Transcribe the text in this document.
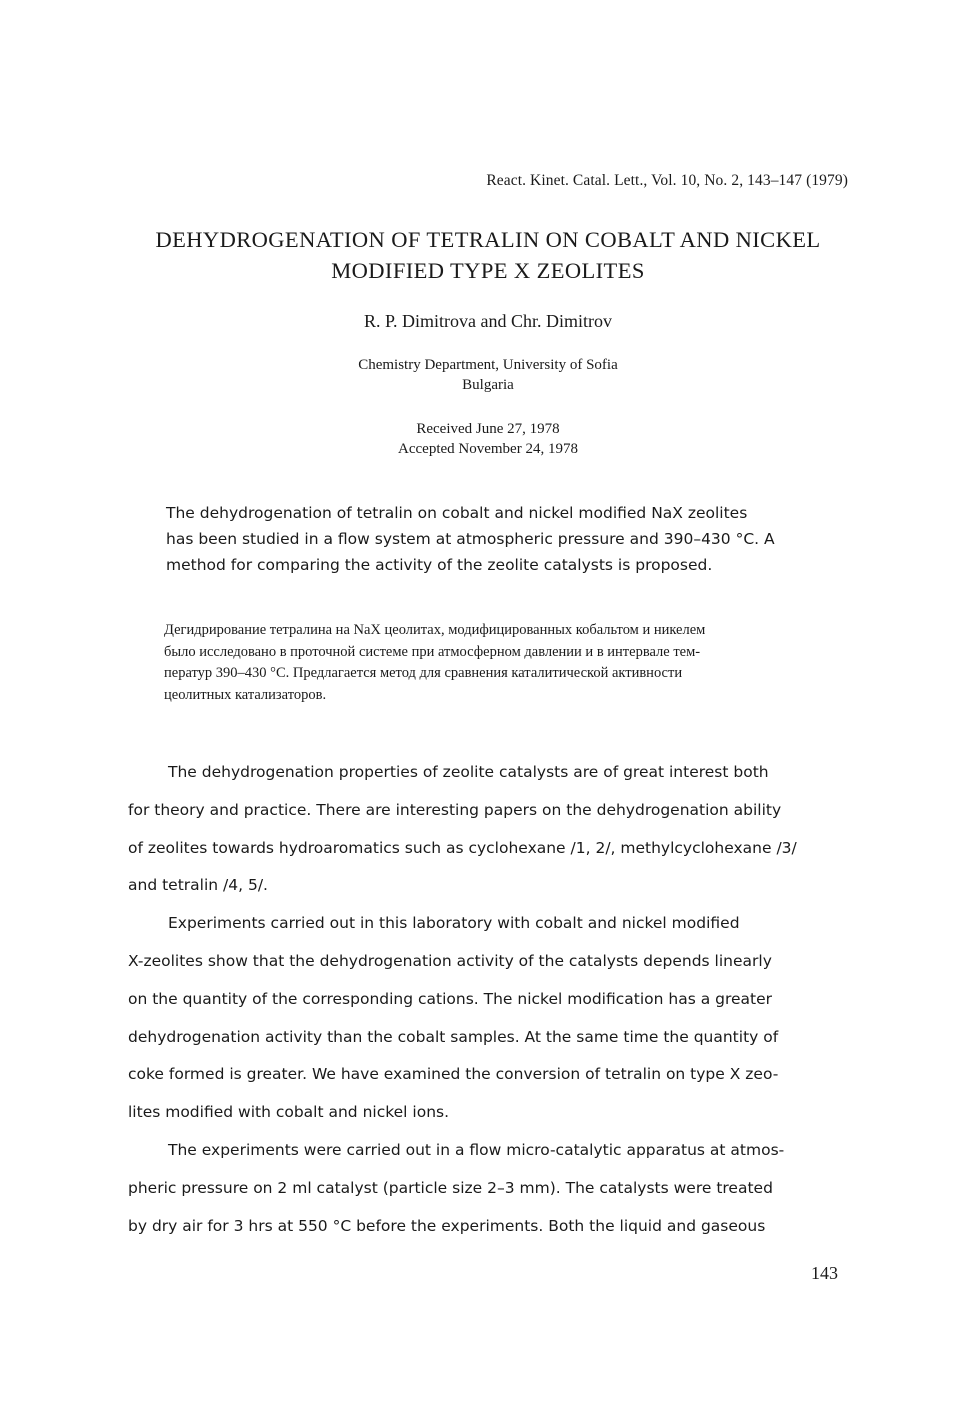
React. Kinet. Catal. Lett., Vol. 10, No. 2, 143–147 (1979)
DEHYDROGENATION OF TETRALIN ON COBALT AND NICKEL
MODIFIED TYPE X ZEOLITES
R. P. Dimitrova and Chr. Dimitrov
Chemistry Department, University of Sofia
Bulgaria
Received June 27, 1978
Accepted November 24, 1978
The dehydrogenation of tetralin on cobalt and nickel modified NaX zeolites
has been studied in a flow system at atmospheric pressure and 390–430 °C. A
method for comparing the activity of the zeolite catalysts is proposed.
Дегидрирование тетралина на NaX цеолитах, модифицированных кобальтом и никелем
было исследовано в проточной системе при атмосферном давлении и в интервале тем-
ператур 390–430 °С. Предлагается метод для сравнения каталитической активности
цеолитных катализаторов.
The dehydrogenation properties of zeolite catalysts are of great interest both
for theory and practice. There are interesting papers on the dehydrogenation ability
of zeolites towards hydroaromatics such as cyclohexane /1, 2/, methylcyclohexane /3/
and tetralin /4, 5/.
Experiments carried out in this laboratory with cobalt and nickel modified
X-zeolites show that the dehydrogenation activity of the catalysts depends linearly
on the quantity of the corresponding cations. The nickel modification has a greater
dehydrogenation activity than the cobalt samples. At the same time the quantity of
coke formed is greater. We have examined the conversion of tetralin on type X zeo-
lites modified with cobalt and nickel ions.
The experiments were carried out in a flow micro-catalytic apparatus at atmos-
pheric pressure on 2 ml catalyst (particle size 2–3 mm). The catalysts were treated
by dry air for 3 hrs at 550 °C before the experiments. Both the liquid and gaseous
143
